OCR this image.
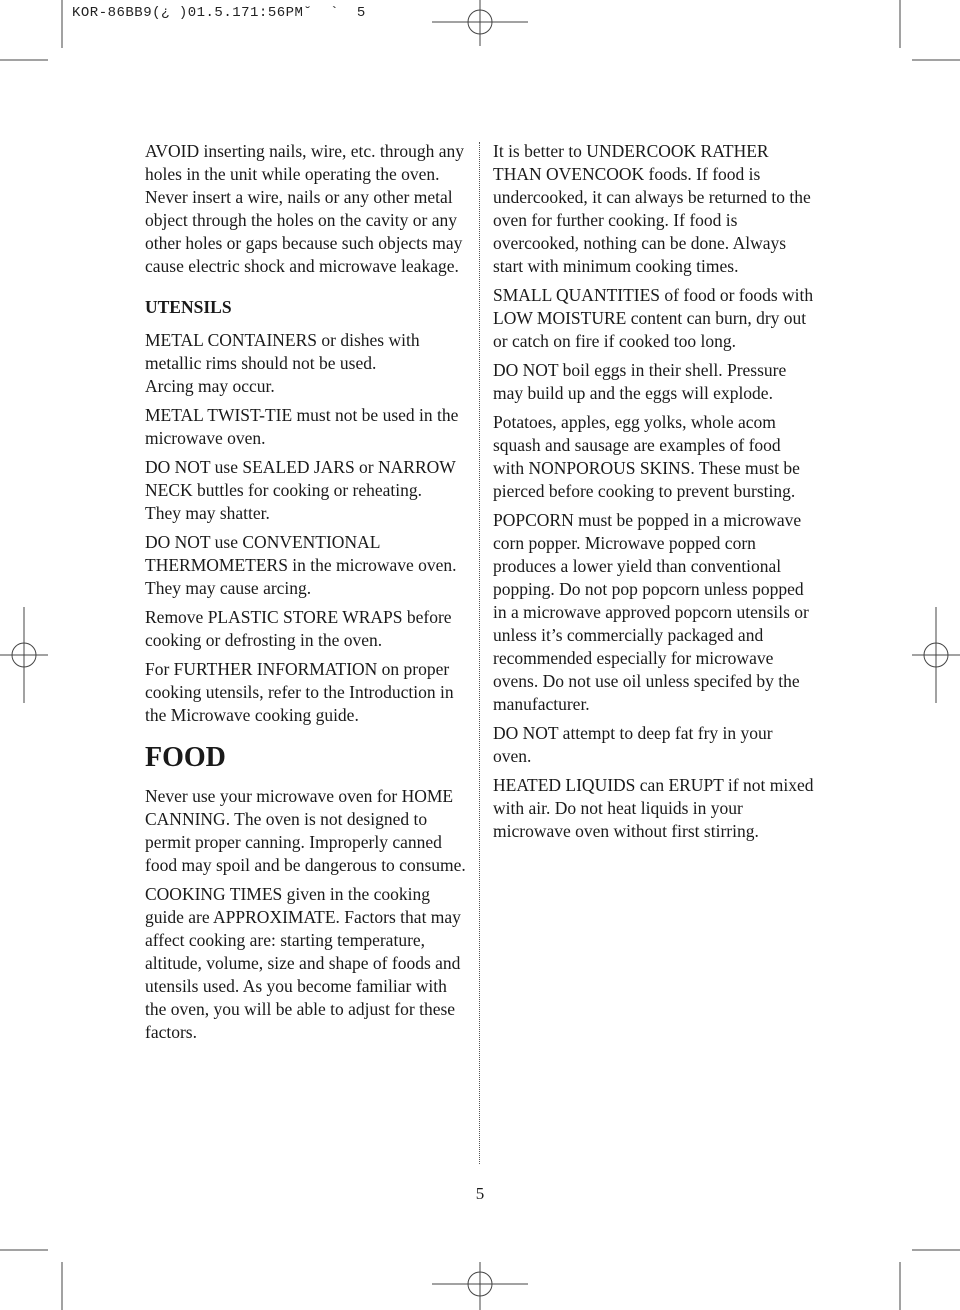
KOR-86BB9(¿ )01.5.171:56PM˘  `  5

AVOID inserting nails, wire, etc. through any holes in the unit while operating the oven. Never insert a wire, nails or any other metal object through the holes on the cavity or any other holes or gaps because such objects may cause electric shock and microwave leakage.

UTENSILS

METAL CONTAINERS or dishes with metallic rims should not be used.
Arcing may occur.

METAL TWIST-TIE must not be used in the microwave oven.

DO NOT use SEALED JARS or NARROW NECK buttles for cooking or reheating.
They may shatter.

DO NOT use CONVENTIONAL THERMOMETERS in the microwave oven.
They may cause arcing.

Remove PLASTIC STORE WRAPS before cooking or defrosting in the oven.

For FURTHER INFORMATION on proper cooking utensils, refer to the Introduction in the Microwave cooking guide.

FOOD

Never use your microwave oven for HOME CANNING. The oven is not designed to permit proper canning. Improperly canned food may spoil and be dangerous to consume.

COOKING TIMES given in the cooking guide are APPROXIMATE. Factors that may affect cooking are: starting temperature, altitude, volume, size and shape of foods and utensils used. As you become familiar with the oven, you will be able to adjust for these factors.

It is better to UNDERCOOK RATHER THAN OVENCOOK foods. If food is undercooked, it can always be returned to the oven for further cooking. If food is overcooked, nothing can be done. Always start with minimum cooking times.

SMALL QUANTITIES of food or foods with LOW MOISTURE content can burn, dry out or catch on fire if cooked too long.

DO NOT boil eggs in their shell. Pressure may build up and the eggs will explode.

Potatoes, apples, egg yolks, whole acom squash and sausage are examples of food with NONPOROUS SKINS. These must be pierced before cooking to prevent bursting.

POPCORN must be popped in a microwave corn popper. Microwave popped corn produces a lower yield than conventional popping. Do not pop popcorn unless popped in a microwave approved popcorn utensils or unless it’s commercially packaged and recommended especially for microwave ovens. Do not use oil unless specifed by the manufacturer.

DO NOT attempt to deep fat fry in your oven.

HEATED LIQUIDS can ERUPT if not mixed with air. Do not heat liquids in your microwave oven without first stirring.

5
